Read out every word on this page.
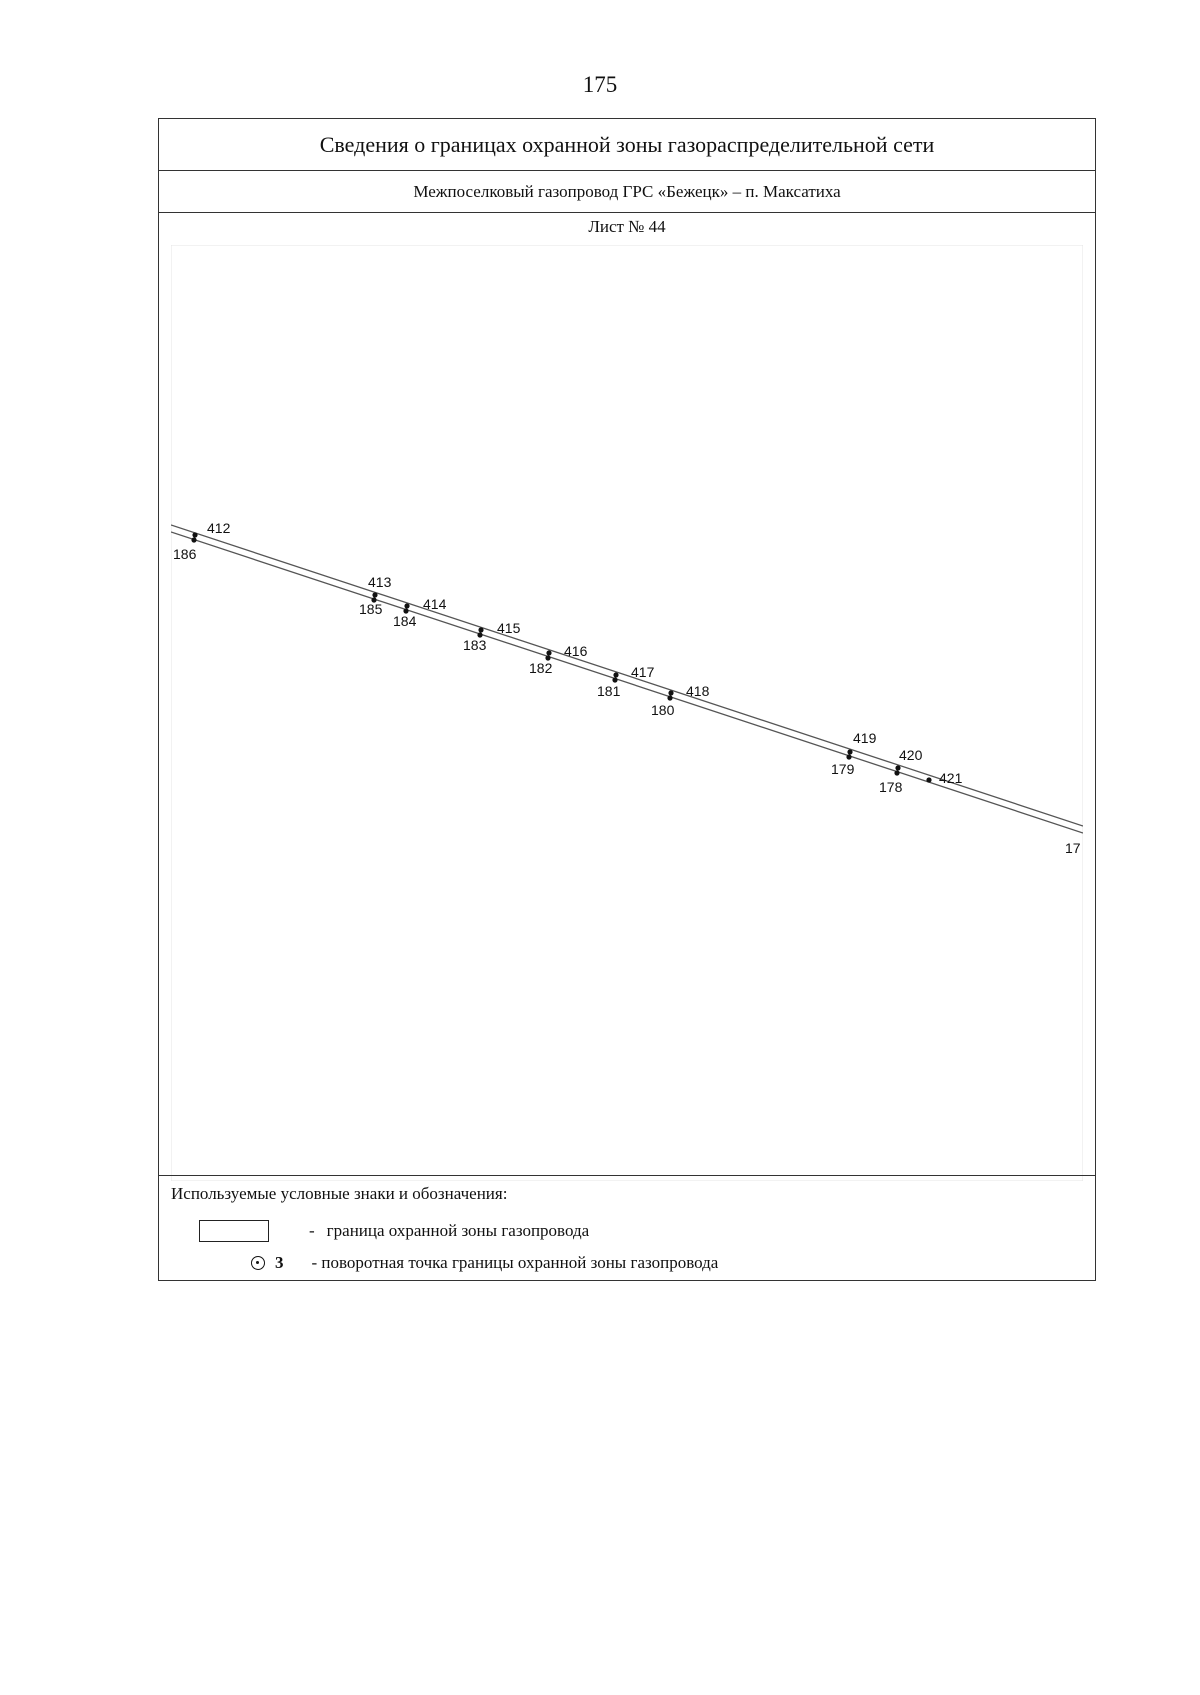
175
Сведения о границах охранной зоны газораспределительной сети
Межпоселковый газопровод ГРС «Бежецк» – п. Максатиха
Лист № 44
412
413
414
415
416
417
418
419
420
421
186
185
184
183
182
181
180
179
178
17
Используемые условные знаки и обозначения:
- граница охранной зоны газопровода
3 - поворотная точка границы охранной зоны газопровода
